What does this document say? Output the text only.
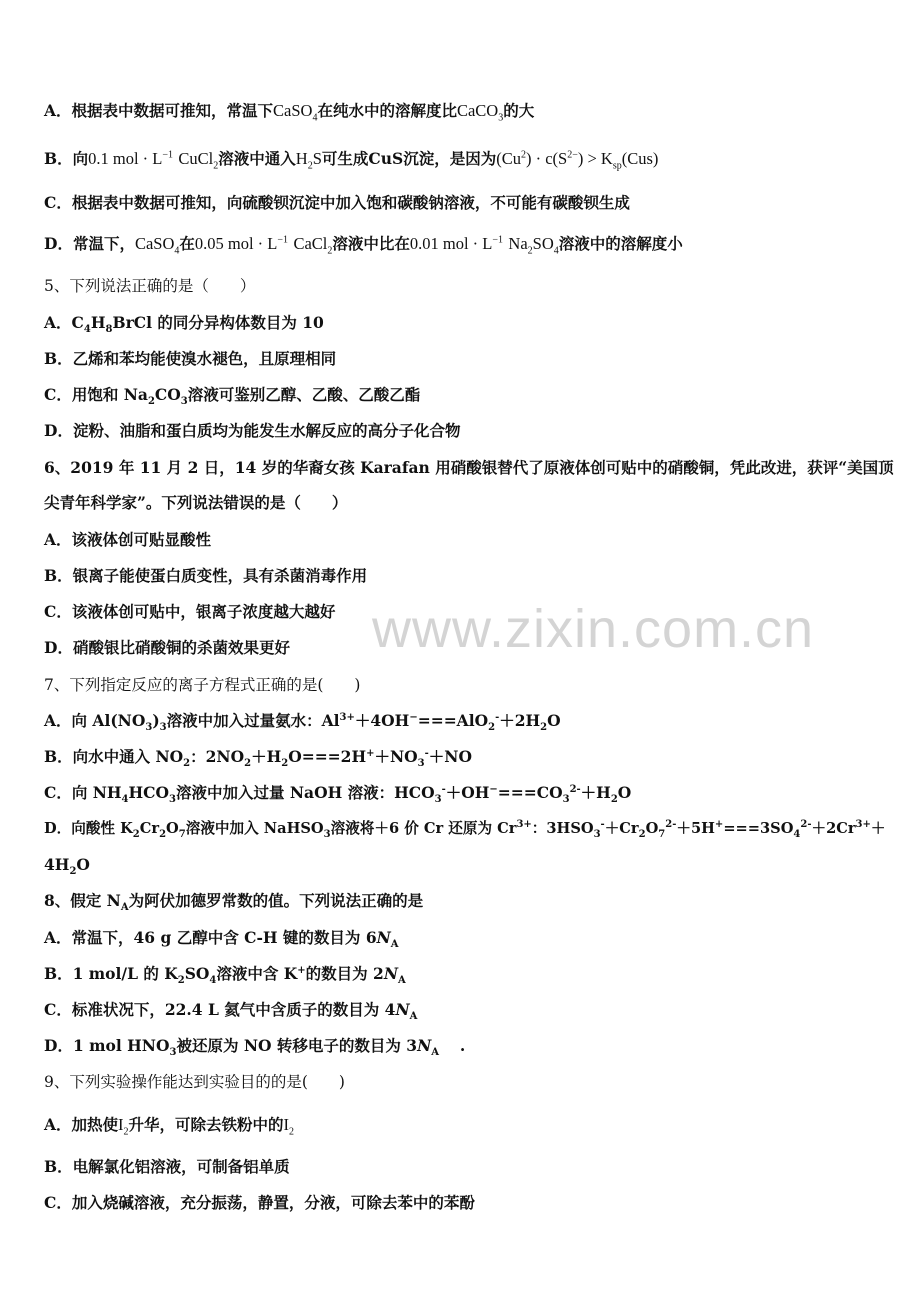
A．根据表中数据可推知，常温下CaSO$_4$在纯水中的溶解度比CaCO$_3$的大
B．向0.1 mol · $L^{-1}$ CuCl$_2$溶液中通入$H_2S$可生成CuS沉淀，是因为$(Cu^2) \cdot c(S^{2-}) > K_{sp}(Cus)$
C．根据表中数据可推知，向硫酸钡沉淀中加入饱和碳酸钠溶液，不可能有碳酸钡生成
D．常温下，CaSO$_4$在0.05 mol · $L^{-1}$ CaCl$_2$溶液中比在0.01 mol · $L^{-1}$ $Na_2SO_4$溶液中的溶解度小
5、下列说法正确的是（　　）
A．$C_4H_8BrCl$ 的同分异构体数目为 10
B．乙烯和苯均能使溴水褪色，且原理相同
C．用饱和 $Na_2CO_3$溶液可鉴别乙醇、乙酸、乙酸乙酯
D．淀粉、油脂和蛋白质均为能发生水解反应的高分子化合物
6、2019 年 11 月 2 日，14 岁的华裔女孩 Karafan 用硝酸银替代了原液体创可贴中的硝酸铜，凭此改进，获评“美国顶
尖青年科学家”。下列说法错误的是（　　）
A．该液体创可贴显酸性
B．银离子能使蛋白质变性，具有杀菌消毒作用
C．该液体创可贴中，银离子浓度越大越好
D．硝酸银比硝酸铜的杀菌效果更好
7、下列指定反应的离子方程式正确的是(　　)
A．向 $Al(NO_3)_3$溶液中加入过量氨水：$Al^{3+}+4OH^-===AlO_2^-+2H_2O$
B．向水中通入 $NO_2$：$2NO_2+H_2O===2H^++NO_3^-+NO$
C．向 $NH_4HCO_3$溶液中加入过量 NaOH 溶液：$HCO_3^-+OH^-===CO_3^{2-}+H_2O$
D．向酸性 $K_2Cr_2O_7$溶液中加入 NaHSO$_3$溶液将＋6 价 Cr 还原为 $Cr^{3+}$：$3HSO_3^-+Cr_2O_7^{2-}+5H^+===3SO_4^{2-}+2Cr^{3+}+$
$4H_2O$
8、假定 $N_A$为阿伏加德罗常数的值。下列说法正确的是
A．常温下，46 g 乙醇中含 C-H 键的数目为 $6N_A$
B．1 mol/L 的 $K_2SO_4$溶液中含 K+的数目为 $2N_A$
C．标准状况下，22.4 L 氦气中含质子的数目为 $4N_A$
D．1 mol $HNO_3$被还原为 NO 转移电子的数目为 $3N_A$　 .
9、下列实验操作能达到实验目的的是(　　)
A．加热使$I_2$升华，可除去铁粉中的$I_2$
B．电解氯化铝溶液，可制备铝单质
C．加入烧碱溶液，充分振荡，静置，分液，可除去苯中的苯酚
www.zixin.com.cn
